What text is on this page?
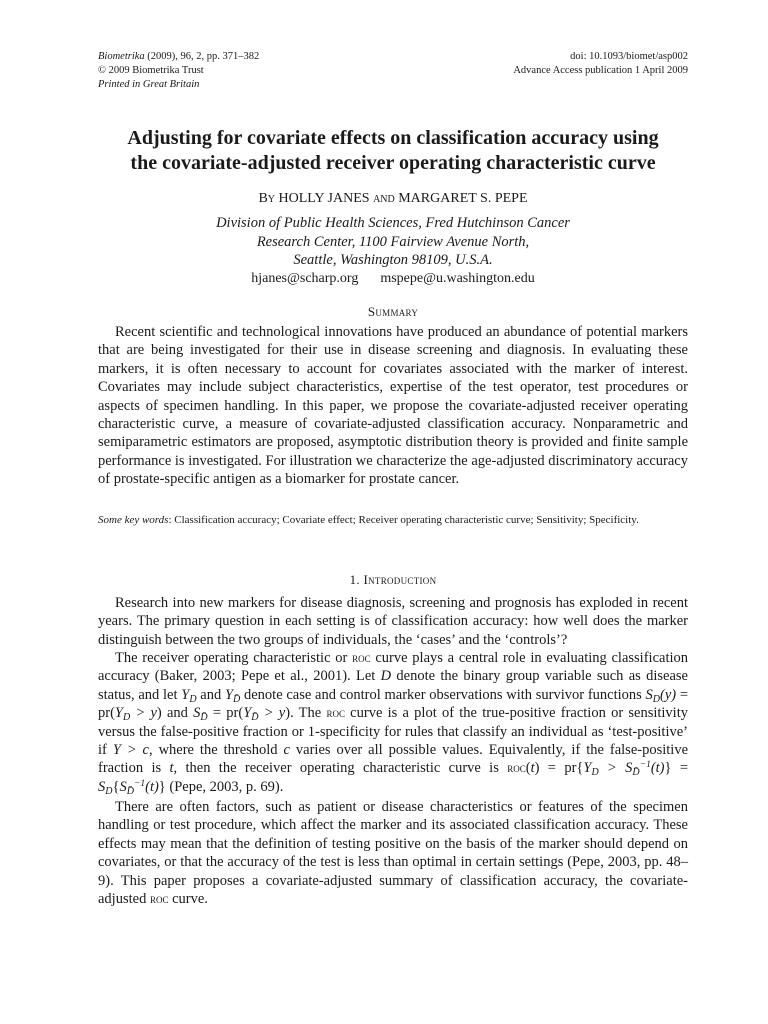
Biometrika (2009), 96, 2, pp. 371–382
© 2009 Biometrika Trust
Printed in Great Britain
doi: 10.1093/biomet/asp002
Advance Access publication 1 April 2009
Adjusting for covariate effects on classification accuracy using
the covariate-adjusted receiver operating characteristic curve
By HOLLY JANES and MARGARET S. PEPE
Division of Public Health Sciences, Fred Hutchinson Cancer
Research Center, 1100 Fairview Avenue North,
Seattle, Washington 98109, U.S.A.
hjanes@scharp.org mspepe@u.washington.edu
Summary

Recent scientific and technological innovations have produced an abundance of potential markers that are being investigated for their use in disease screening and diagnosis. In evaluating these markers, it is often necessary to account for covariates associated with the marker of interest. Covariates may include subject characteristics, expertise of the test operator, test procedures or aspects of specimen handling. In this paper, we propose the covariate-adjusted receiver operating characteristic curve, a measure of covariate-adjusted classification accuracy. Nonparametric and semiparametric estimators are proposed, asymptotic distribution theory is provided and finite sample performance is investigated. For illustration we characterize the age-adjusted discriminatory accuracy of prostate-specific antigen as a biomarker for prostate cancer.

Some key words: Classification accuracy; Covariate effect; Receiver operating characteristic curve; Sensitivity; Specificity.
1. Introduction

Research into new markers for disease diagnosis, screening and prognosis has exploded in recent years. The primary question in each setting is of classification accuracy: how well does the marker distinguish between the two groups of individuals, the ‘cases’ and the ‘controls’?

The receiver operating characteristic or roc curve plays a central role in evaluating classification accuracy (Baker, 2003; Pepe et al., 2001). Let D denote the binary group variable such as disease status, and let $Y_D$ and $Y_{D̄}$ denote case and control marker observations with survivor functions $S_D(y) = pr(Y_D > y)$ and $S_{D̄} = pr(Y_{D̄} > y)$. The roc curve is a plot of the true-positive fraction or sensitivity versus the false-positive fraction or 1-specificity for rules that classify an individual as ‘test-positive’ if Y > c, where the threshold c varies over all possible values. Equivalently, if the false-positive fraction is t, then the receiver operating characteristic curve is $roc(t) = pr\{Y_D > S_{D̄}^{-1}(t)\} = S_D\{S_{D̄}^{-1}(t)\}$ (Pepe, 2003, p. 69).

There are often factors, such as patient or disease characteristics or features of the specimen handling or test procedure, which affect the marker and its associated classification accuracy. These effects may mean that the definition of testing positive on the basis of the marker should depend on covariates, or that the accuracy of the test is less than optimal in certain settings (Pepe, 2003, pp. 48–9). This paper proposes a covariate-adjusted summary of classification accuracy, the covariate-adjusted roc curve.
